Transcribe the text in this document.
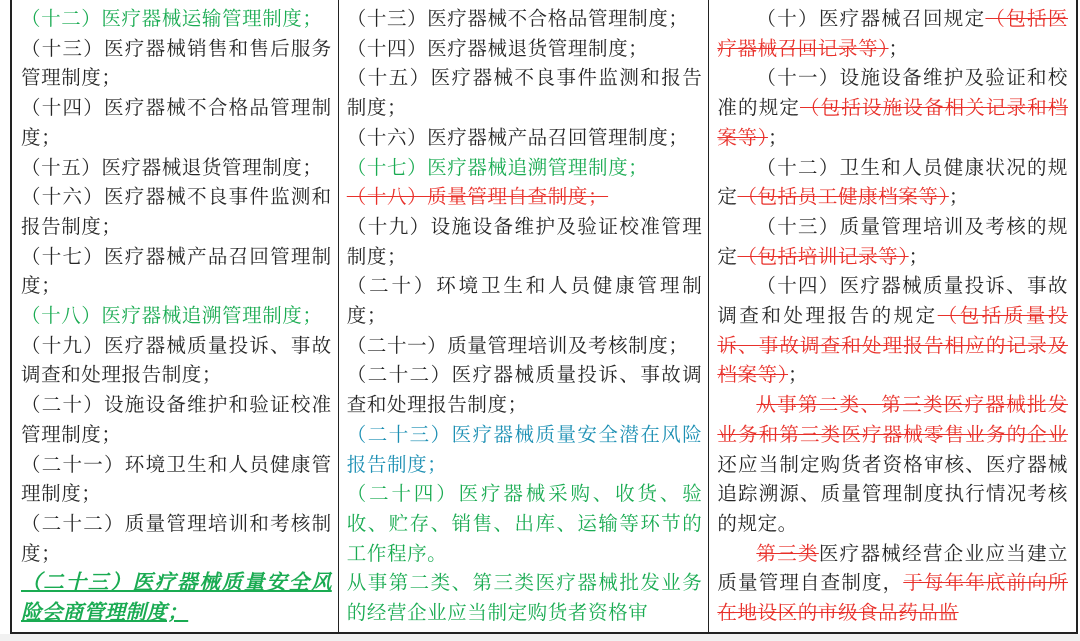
（十二）医疗器械运输管理制度；

（十三）医疗器械销售和售后服务管理制度；

（十四）医疗器械不合格品管理制度；

（十五）医疗器械退货管理制度；

（十六）医疗器械不良事件监测和报告制度；

（十七）医疗器械产品召回管理制度；

（十八）医疗器械追溯管理制度；

（十九）医疗器械质量投诉、事故调查和处理报告制度；

（二十）设施设备维护和验证校准管理制度；

（二十一）环境卫生和人员健康管理制度；

（二十二）质量管理培训和考核制度；

（二十三）医疗器械质量安全风险会商管理制度；

（十三）医疗器械不合格品管理制度；

（十四）医疗器械退货管理制度；

（十五）医疗器械不良事件监测和报告制度；

（十六）医疗器械产品召回管理制度；

（十七）医疗器械追溯管理制度；

（十八）质量管理自查制度；

（十九）设施设备维护及验证校准管理制度；

（二十）环境卫生和人员健康管理制度；

（二十一）质量管理培训及考核制度；

（二十二）医疗器械质量投诉、事故调查和处理报告制度；

（二十三）医疗器械质量安全潜在风险报告制度；

（二十四）医疗器械采购、收货、验收、贮存、销售、出库、运输等环节的工作程序。

从事第二类、第三类医疗器械批发业务的经营企业应当制定购货者资格审

（十）医疗器械召回规定（包括医疗器械召回记录等）；

（十一）设施设备维护及验证和校准的规定（包括设施设备相关记录和档案等）；

（十二）卫生和人员健康状况的规定（包括员工健康档案等）；

（十三）质量管理培训及考核的规定（包括培训记录等）；

（十四）医疗器械质量投诉、事故调查和处理报告的规定（包括质量投诉、事故调查和处理报告相应的记录及档案等）；

从事第二类、第三类医疗器械批发业务和第三类医疗器械零售业务的企业还应当制定购货者资格审核、医疗器械追踪溯源、质量管理制度执行情况考核的规定。

第三类医疗器械经营企业应当建立质量管理自查制度，于每年年底前向所在地设区的市级食品药品监
